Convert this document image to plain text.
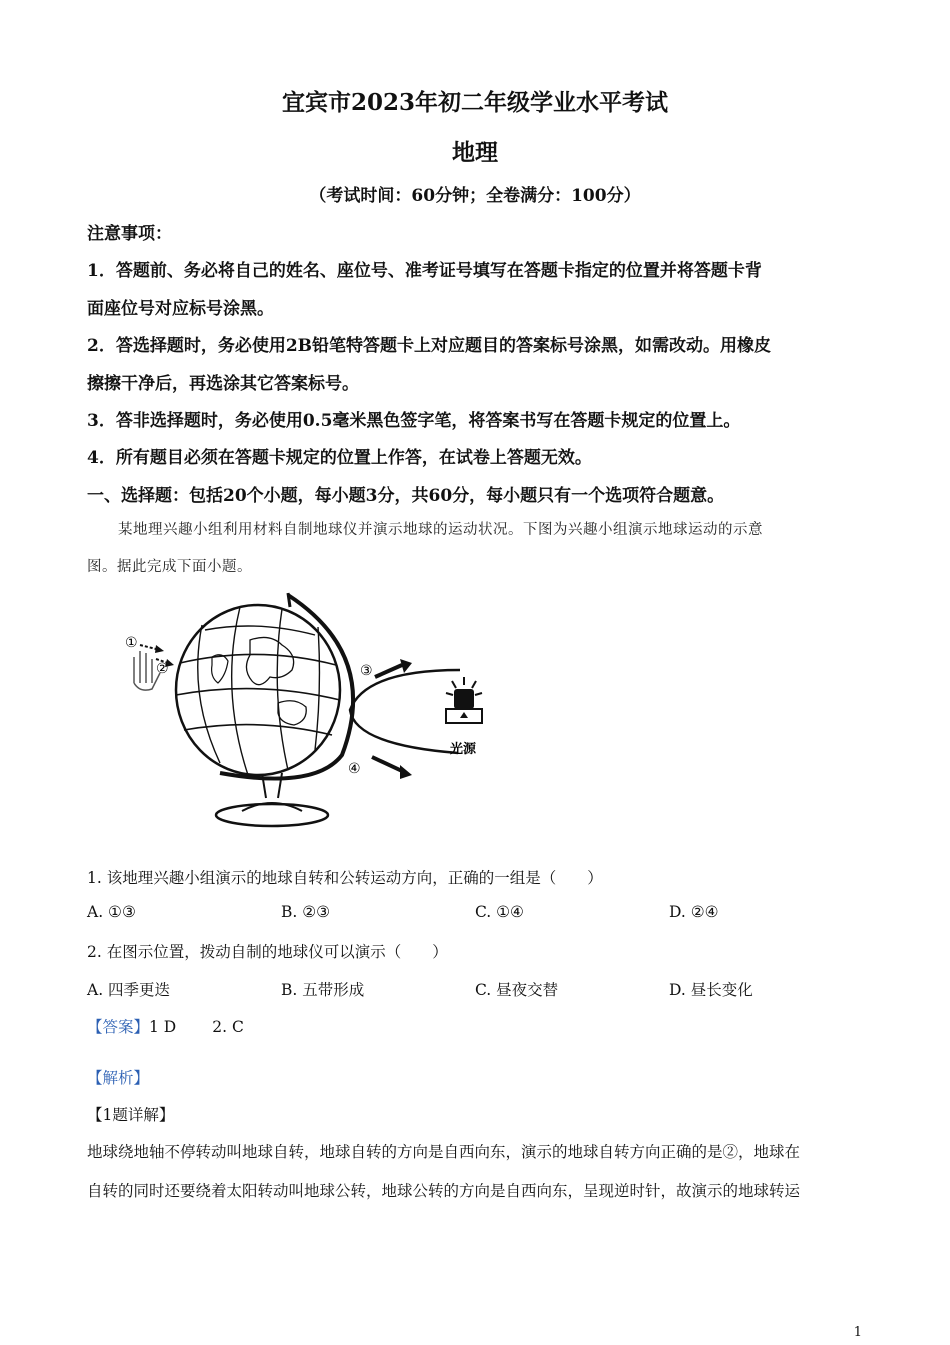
宜宾市2023年初二年级学业水平考试
地理
（考试时间：60分钟；全卷满分：100分）
注意事项：
1．答题前、务必将自己的姓名、座位号、准考证号填写在答题卡指定的位置并将答题卡背
面座位号对应标号涂黑。
2．答选择题时，务必使用2B铅笔特答题卡上对应题目的答案标号涂黑，如需改动。用橡皮
擦擦干净后，再选涂其它答案标号。
3．答非选择题时，务必使用0.5毫米黑色签字笔，将答案书写在答题卡规定的位置上。
4．所有题目必须在答题卡规定的位置上作答，在试卷上答题无效。
一、选择题：包括20个小题，每小题3分，共60分，每小题只有一个选项符合题意。
某地理兴趣小组利用材料自制地球仪并演示地球的运动状况。下图为兴趣小组演示地球运动的示意
图。据此完成下面小题。
①
②	③
④
光源
1. 该地理兴趣小组演示的地球自转和公转运动方向，正确的一组是（　　）
A. ①③	B. ②③	C. ①④	D. ②④
2. 在图示位置，拨动自制的地球仪可以演示（　　）
A. 四季更迭	B. 五带形成	C. 昼夜交替	D. 昼长变化
【答案】1 D 2. C
【解析】
【1题详解】
地球绕地轴不停转动叫地球自转，地球自转的方向是自西向东，演示的地球自转方向正确的是②，地球在
自转的同时还要绕着太阳转动叫地球公转，地球公转的方向是自西向东，呈现逆时针，故演示的地球转运
1
